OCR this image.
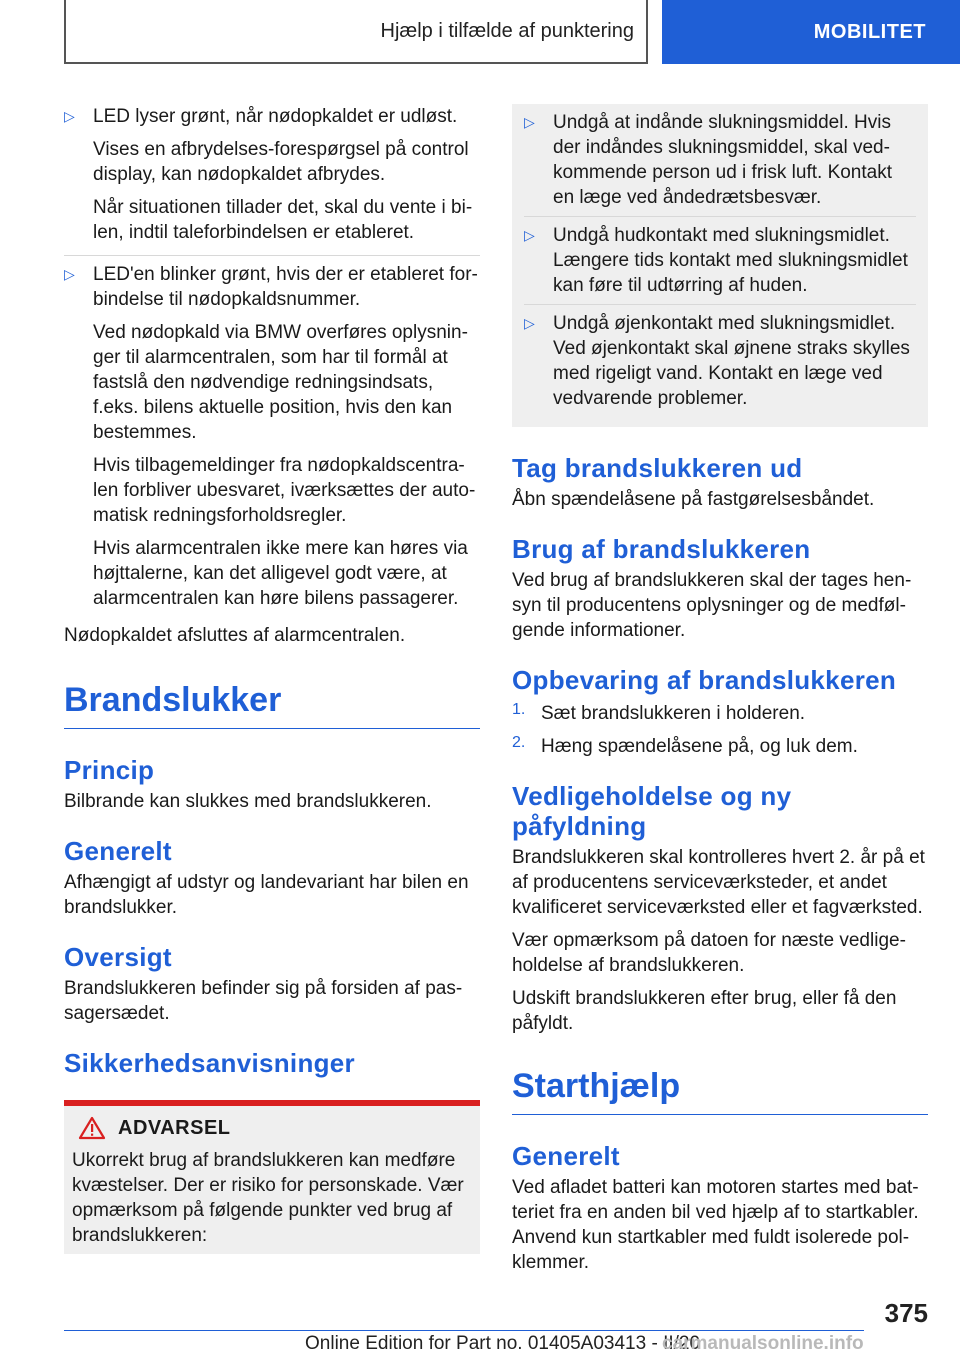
Hjælp i tilfælde af punktering	MOBILITET
▷ LED lyser grønt, når nødopkaldet er udløst.

Vises en afbrydelses-forespørgsel på control display, kan nødopkaldet afbrydes.

Når situationen tillader det, skal du vente i bilen, indtil taleforbindelsen er etableret.

▷ LED'en blinker grønt, hvis der er etableret forbindelse til nødopkaldsnummer.

Ved nødopkald via BMW overføres oplysninger til alarmcentralen, som har til formål at fastslå den nødvendige redningsindsats, f.eks. bilens aktuelle position, hvis den kan bestemmes.

Hvis tilbagemeldinger fra nødopkaldscentralen forbliver ubesvaret, iværksættes der automatisk redningsforholdsregler.

Hvis alarmcentralen ikke mere kan høres via højttalerne, kan det alligevel godt være, at alarmcentralen kan høre bilens passagerer.

Nødopkaldet afsluttes af alarmcentralen.

Brandslukker
Princip

Bilbrande kan slukkes med brandslukkeren.

Generelt

Afhængigt af udstyr og landevariant har bilen en brandslukker.

Oversigt

Brandslukkeren befinder sig på forsiden af passagersædet.

Sikkerhedsanvisninger
ADVARSEL

Ukorrekt brug af brandslukkeren kan medføre kvæstelser. Der er risiko for personskade. Vær opmærksom på følgende punkter ved brug af brandslukkeren:

▷ Undgå at indånde slukningsmiddel. Hvis der indåndes slukningsmiddel, skal vedkommende person ud i frisk luft. Kontakt en læge ved åndedrætsbesvær.

▷ Undgå hudkontakt med slukningsmidlet. Længere tids kontakt med slukningsmidlet kan føre til udtørring af huden.

▷ Undgå øjenkontakt med slukningsmidlet. Ved øjenkontakt skal øjnene straks skylles med rigeligt vand. Kontakt en læge ved vedvarende problemer.

Tag brandslukkeren ud

Åbn spændelåsene på fastgørelsesbåndet.

Brug af brandslukkeren

Ved brug af brandslukkeren skal der tages hensyn til producentens oplysninger og de medfølgende informationer.

Opbevaring af brandslukkeren
1. Sæt brandslukkeren i holderen.

2. Hæng spændelåsene på, og luk dem.

Vedligeholdelse og ny påfyldning

Brandslukkeren skal kontrolleres hvert 2. år på et af producentens serviceværksteder, et andet kvalificeret serviceværksted eller et fagværksted.

Vær opmærksom på datoen for næste vedligeholdelse af brandslukkeren.

Udskift brandslukkeren efter brug, eller få den påfyldt.

Starthjælp
Generelt

Ved afladet batteri kan motoren startes med batteriet fra en anden bil ved hjælp af to startkabler. Anvend kun startkabler med fuldt isolerede polklemmer.

375
Online Edition for Part no. 01405A03413 - II/20
carmanualsonline.info
